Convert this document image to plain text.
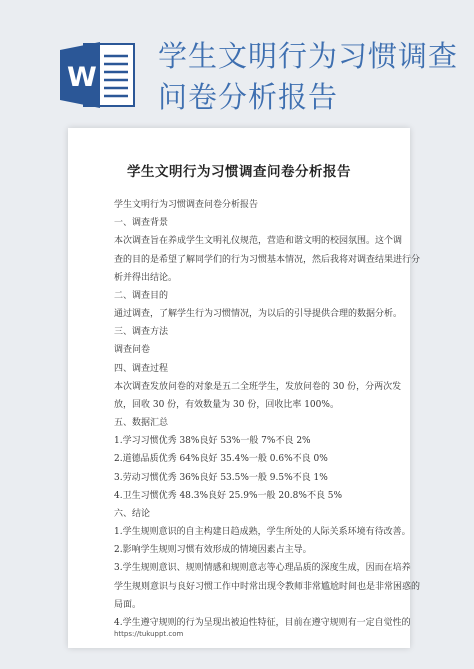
W
学生文明行为习惯调查
问卷分析报告
学生文明行为习惯调查问卷分析报告
学生文明行为习惯调查问卷分析报告
一、调查背景
本次调查旨在养成学生文明礼仪规范，营造和谐文明的校园氛围。这个调
查的目的是希望了解同学们的行为习惯基本情况，然后我将对调查结果进行分
析并得出结论。
二、调查目的
通过调查，了解学生行为习惯情况，为以后的引导提供合理的数据分析。
三、调查方法
调查问卷
四、调查过程
本次调查发放问卷的对象是五二全班学生，发放问卷的 30 份，分两次发
放，回收 30 份，有效数量为 30 份，回收比率 100%。
五、数据汇总
1.学习习惯优秀 38%良好 53%一般 7%不良 2%
2.道德品质优秀 64%良好 35.4%一般 0.6%不良 0%
3.劳动习惯优秀 36%良好 53.5%一般 9.5%不良 1%
4.卫生习惯优秀 48.3%良好 25.9%一般 20.8%不良 5%
六、结论
1.学生规则意识的自主构建日趋成熟，学生所处的人际关系环境有待改善。
2.影响学生规则习惯有效形成的情境因素占主导。
3.学生规则意识、规则情感和规则意志等心理品质的深度生成，因而在培养
学生规则意识与良好习惯工作中时常出现令教师非常尴尬时间也是非常困惑的
局面。
4.学生遵守规则的行为呈现出被迫性特征，目前在遵守规则有一定自觉性的
https://tukuppt.com
